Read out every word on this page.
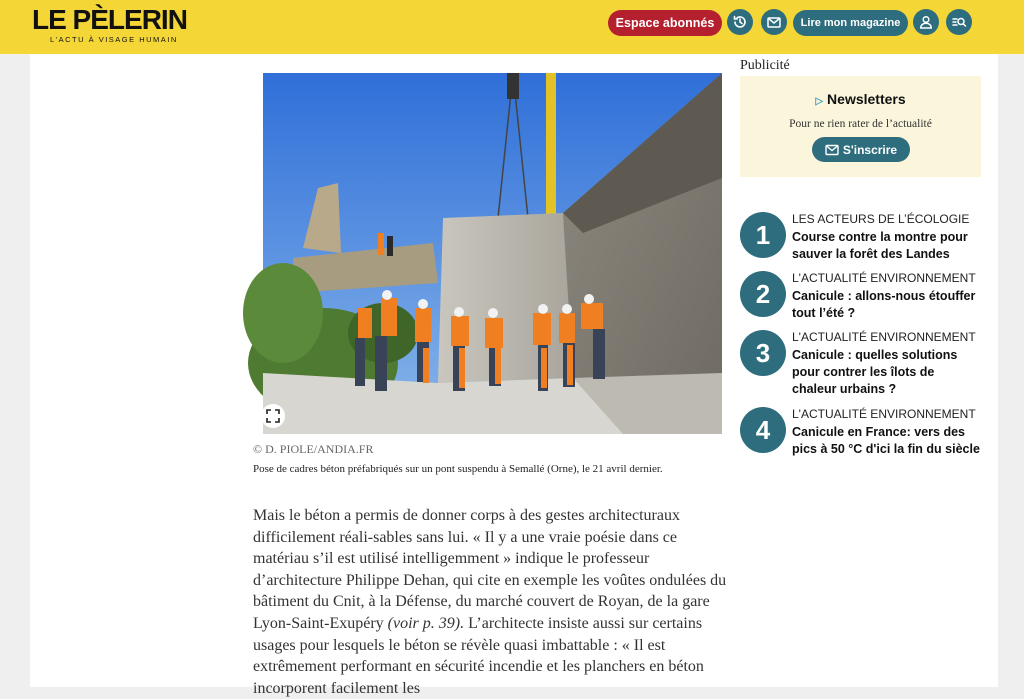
LE PÈLERIN
L'ACTU À VISAGE HUMAIN
Espace abonnés	Lire mon magazine
© D. PIOLE/ANDIA.FR
Pose de cadres béton préfabriqués sur un pont suspendu à Semallé (Orne), le 21 avril dernier.
Mais le béton a permis de donner corps à des gestes architecturaux difficilement réali-sables sans lui. « Il y a une vraie poésie dans ce matériau s’il est utilisé intelligemment » indique le professeur d’architecture Philippe Dehan, qui cite en exemple les voûtes ondulées du bâtiment du Cnit, à la Défense, du marché couvert de Royan, de la gare Lyon-Saint-Exupéry (voir p. 39). L’architecte insiste aussi sur certains usages pour lesquels le béton se révèle quasi imbattable : « Il est extrêmement performant en sécurité incendie et les planchers en béton incorporent facilement les
Publicité
▷ Newsletters
Pour ne rien rater de l’actualité
S'inscrire
1
LES ACTEURS DE L’ÉCOLOGIE
Course contre la montre pour sauver la forêt des Landes
2
L'ACTUALITÉ ENVIRONNEMENT
Canicule : allons-nous étouffer tout l’été ?
3
L'ACTUALITÉ ENVIRONNEMENT
Canicule : quelles solutions pour contrer les îlots de chaleur urbains ?
4
L'ACTUALITÉ ENVIRONNEMENT
Canicule en France: vers des pics à 50 °C d'ici la fin du siècle
